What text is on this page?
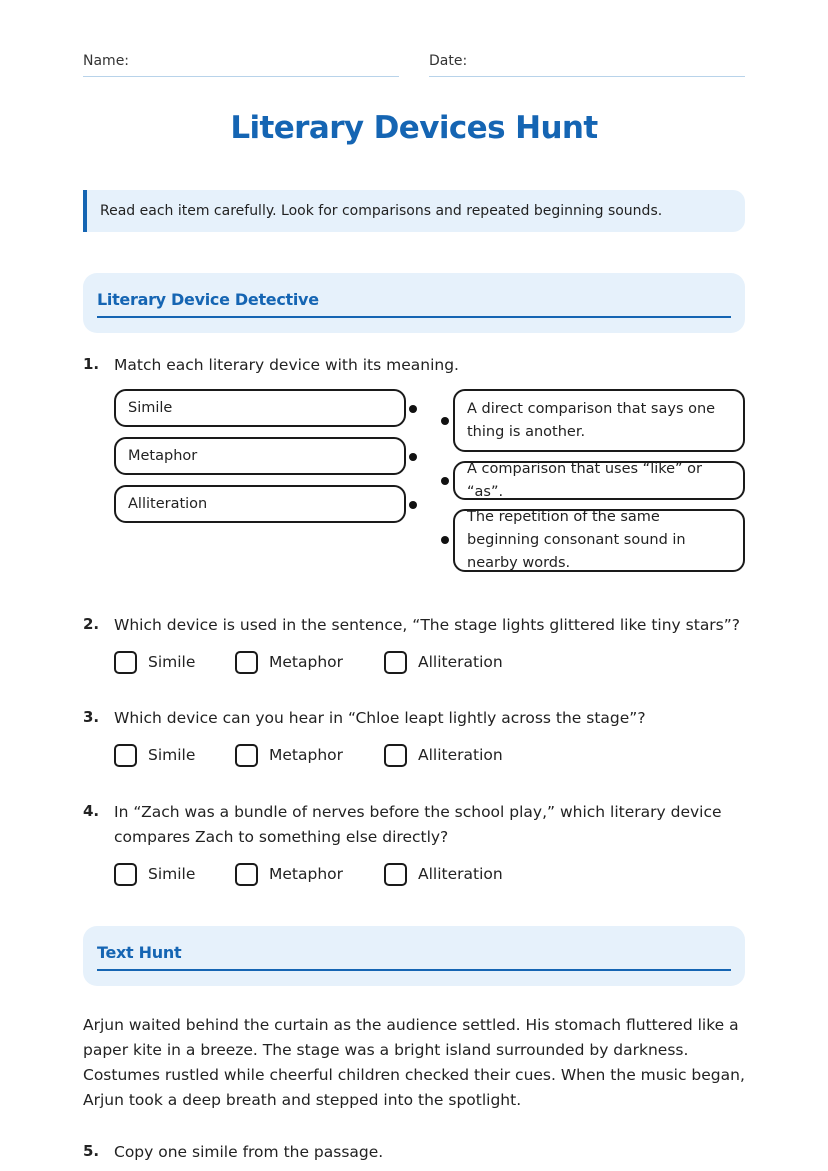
Name:	Date:
Literary Devices Hunt
Read each item carefully. Look for comparisons and repeated beginning sounds.
Literary Device Detective
1. Match each literary device with its meaning.
Simile
Metaphor
Alliteration
A direct comparison that says one thing is another.
A comparison that uses “like” or “as”.
The repetition of the same beginning consonant sound in nearby words.
2. Which device is used in the sentence, “The stage lights glittered like tiny stars”?
Simile	Metaphor	Alliteration
3. Which device can you hear in “Chloe leapt lightly across the stage”?
Simile	Metaphor	Alliteration
4. In “Zach was a bundle of nerves before the school play,” which literary device compares Zach to something else directly?
Simile	Metaphor	Alliteration
Text Hunt
Arjun waited behind the curtain as the audience settled. His stomach fluttered like a paper kite in a breeze. The stage was a bright island surrounded by darkness. Costumes rustled while cheerful children checked their cues. When the music began, Arjun took a deep breath and stepped into the spotlight.
5. Copy one simile from the passage.
